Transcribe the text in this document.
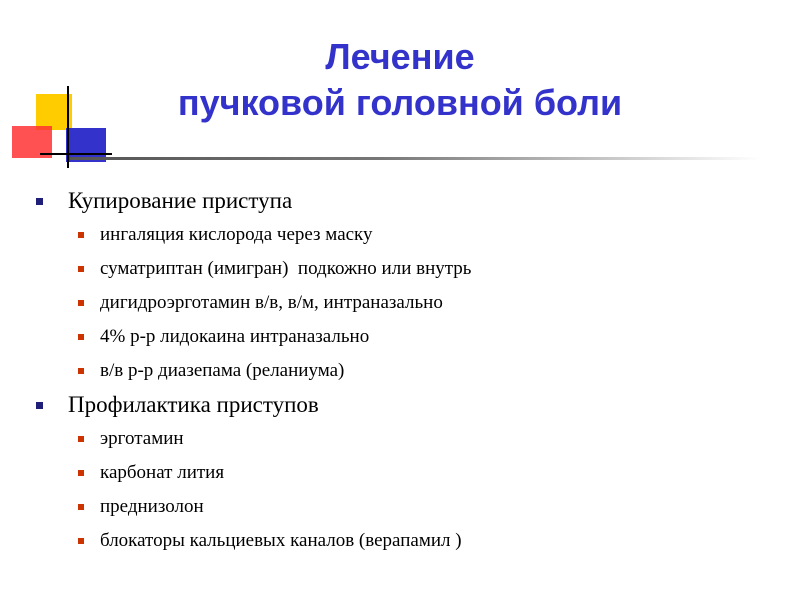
Лечение
пучковой головной боли
Купирование приступа
ингаляция кислорода через маску
суматриптан (имигран)  подкожно или внутрь
дигидроэрготамин в/в, в/м, интраназально
4% р-р лидокаина интраназально
в/в р-р диазепама (реланиума)
Профилактика приступов
эрготамин
карбонат лития
преднизолон
блокаторы кальциевых каналов (верапамил )
